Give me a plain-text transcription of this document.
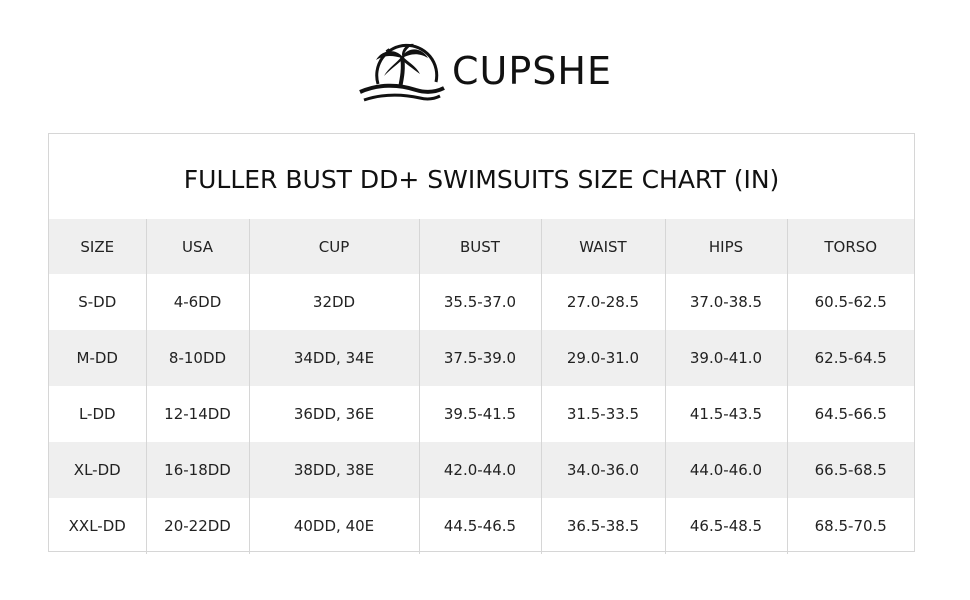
CUPSHE
FULLER BUST DD+ SWIMSUITS SIZE CHART (IN)
SIZE	USA	CUP	BUST	WAIST	HIPS	TORSO
S-DD	4-6DD	32DD	35.5-37.0	27.0-28.5	37.0-38.5	60.5-62.5
M-DD	8-10DD	34DD, 34E	37.5-39.0	29.0-31.0	39.0-41.0	62.5-64.5
L-DD	12-14DD	36DD, 36E	39.5-41.5	31.5-33.5	41.5-43.5	64.5-66.5
XL-DD	16-18DD	38DD, 38E	42.0-44.0	34.0-36.0	44.0-46.0	66.5-68.5
XXL-DD	20-22DD	40DD, 40E	44.5-46.5	36.5-38.5	46.5-48.5	68.5-70.5
